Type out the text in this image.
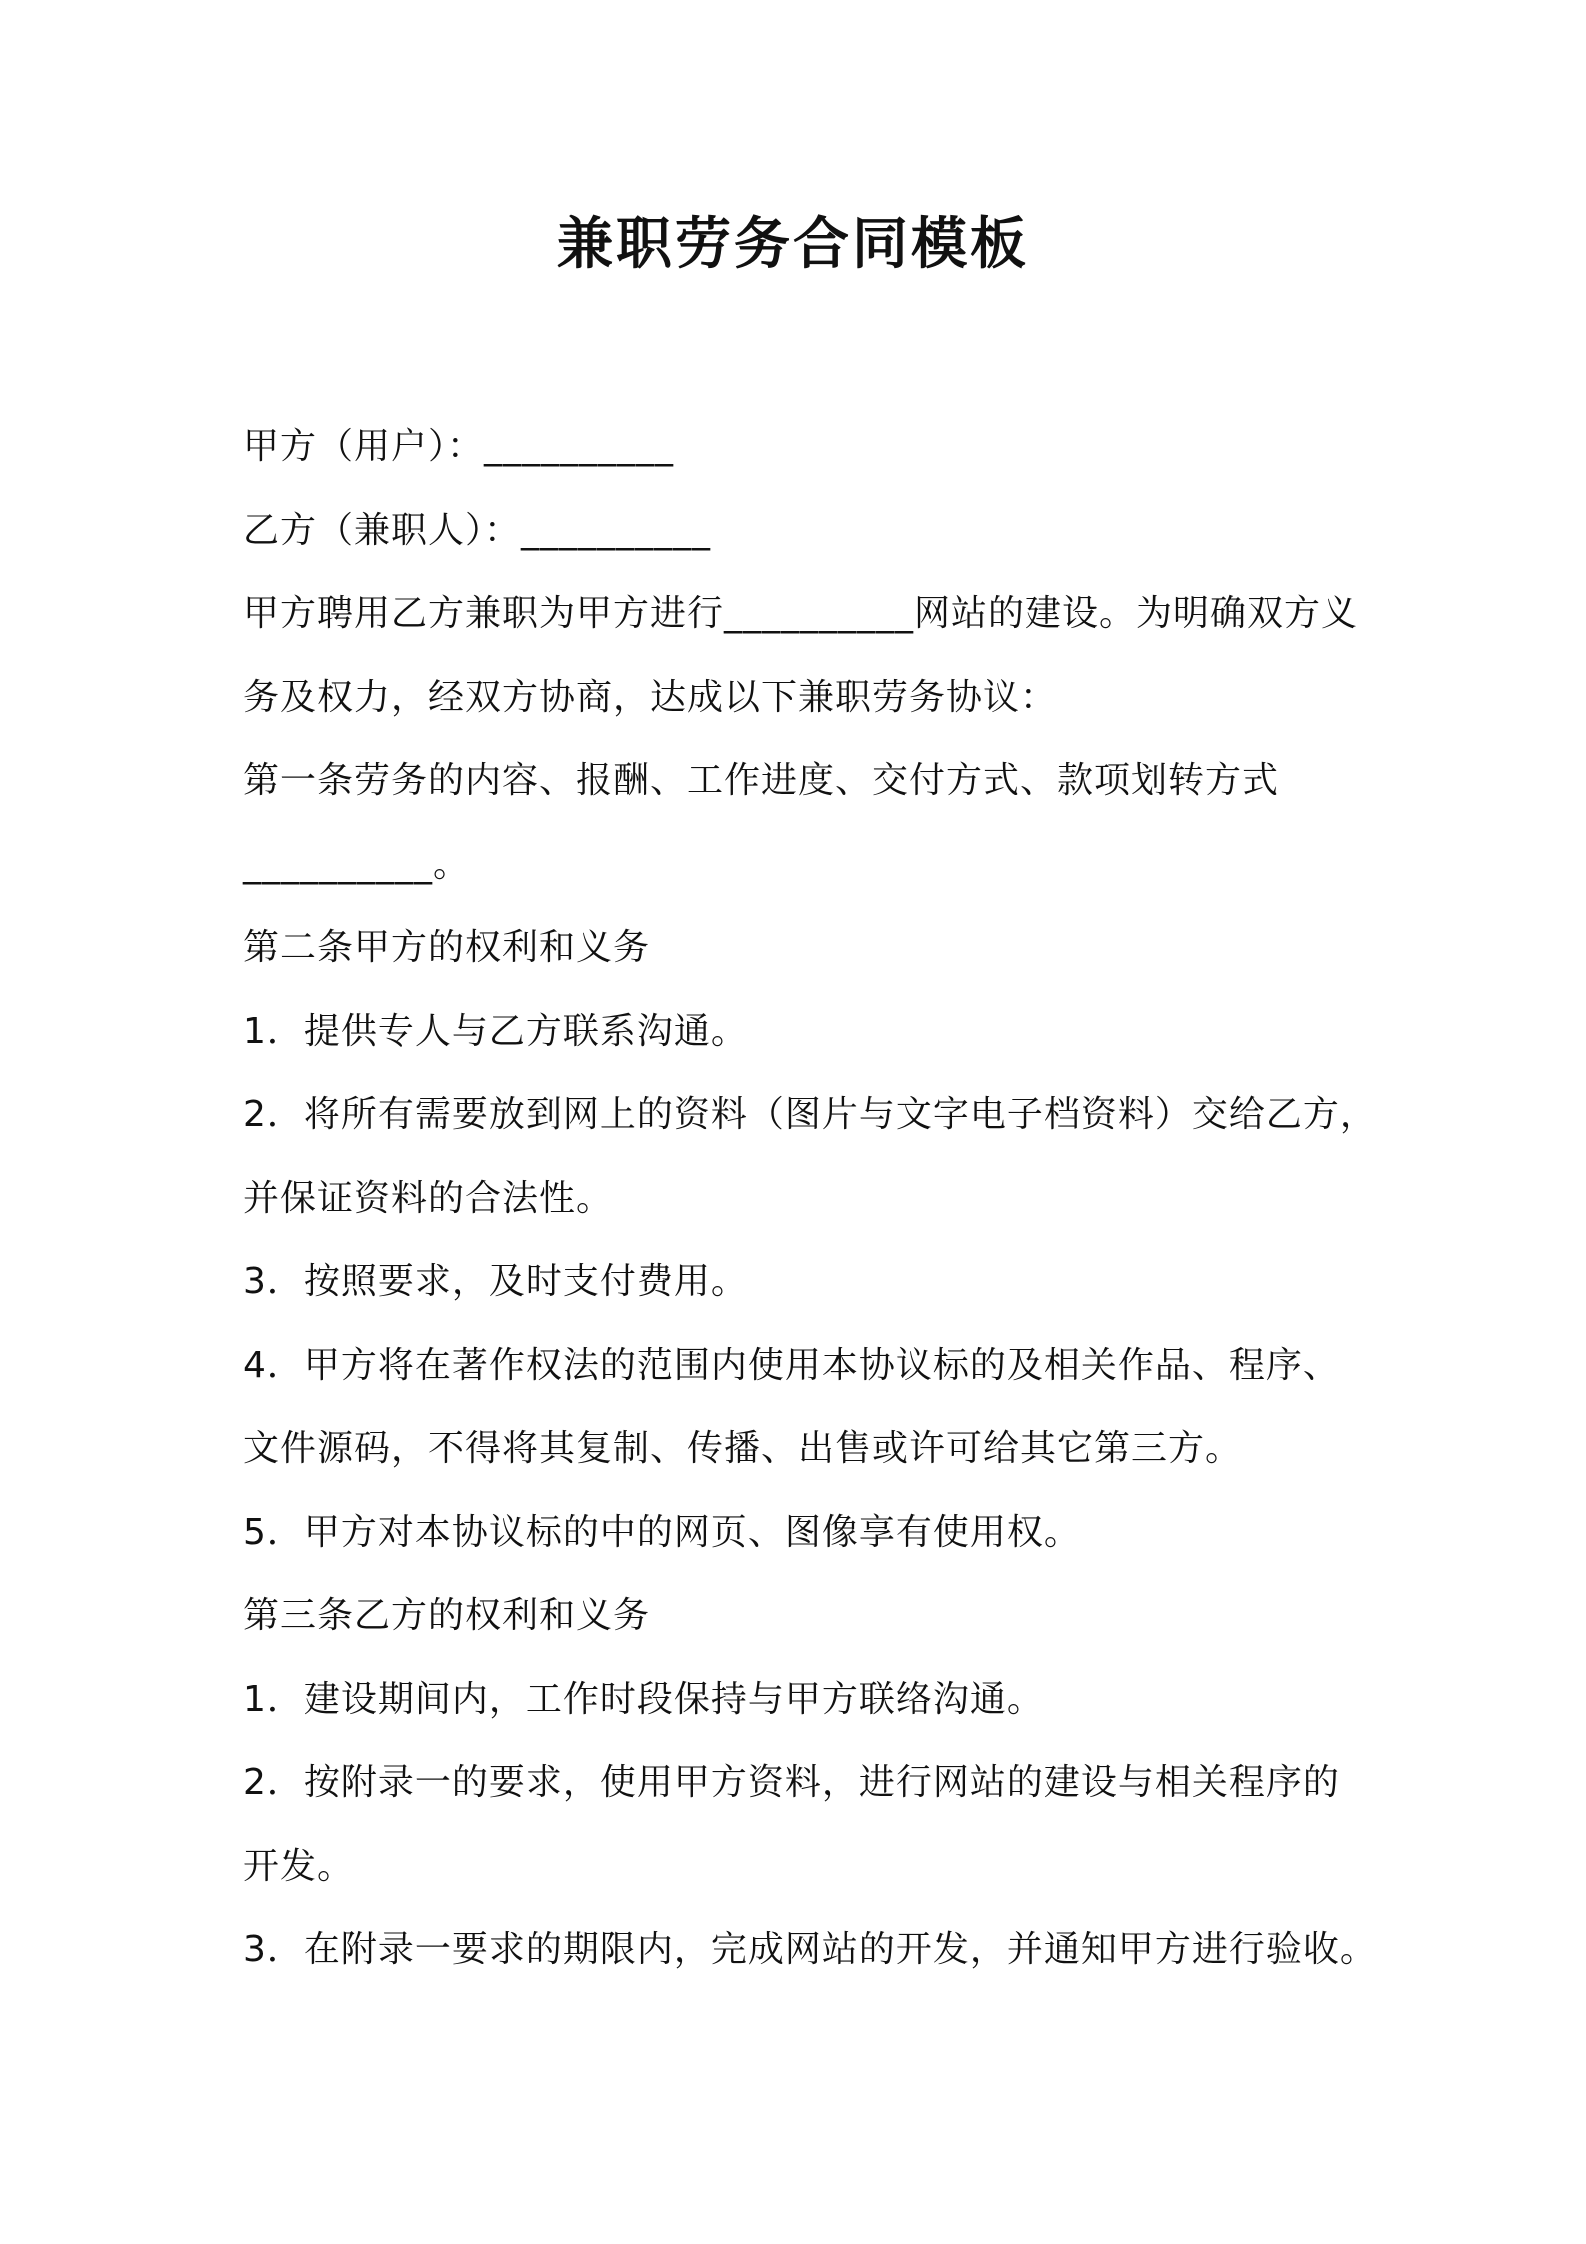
兼职劳务合同模板
甲方（用户）：__________
乙方（兼职人）：__________
甲方聘用乙方兼职为甲方进行__________网站的建设。为明确双方义
务及权力，经双方协商，达成以下兼职劳务协议：
第一条劳务的内容、报酬、工作进度、交付方式、款项划转方式
__________。
第二条甲方的权利和义务
1．提供专人与乙方联系沟通。
2．将所有需要放到网上的资料（图片与文字电子档资料）交给乙方，
并保证资料的合法性。
3．按照要求，及时支付费用。
4．甲方将在著作权法的范围内使用本协议标的及相关作品、程序、
文件源码，不得将其复制、传播、出售或许可给其它第三方。
5．甲方对本协议标的中的网页、图像享有使用权。
第三条乙方的权利和义务
1．建设期间内，工作时段保持与甲方联络沟通。
2．按附录一的要求，使用甲方资料，进行网站的建设与相关程序的
开发。
3．在附录一要求的期限内，完成网站的开发，并通知甲方进行验收。
